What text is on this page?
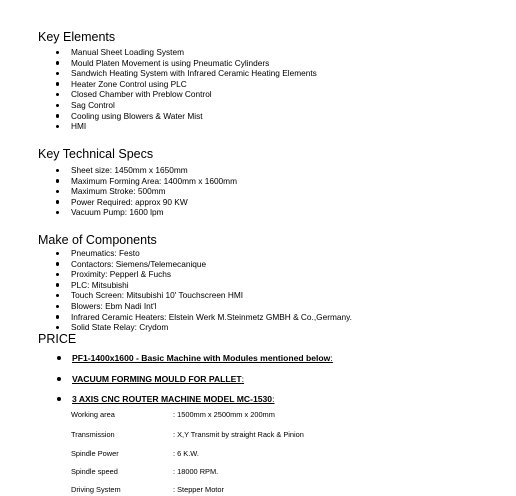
Key Elements
Manual Sheet Loading System
Mould Platen Movement is using Pneumatic Cylinders
Sandwich Heating System with Infrared Ceramic Heating Elements
Heater Zone Control using PLC
Closed Chamber with Preblow Control
Sag Control
Cooling using Blowers & Water Mist
HMI
Key Technical Specs
Sheet size: 1450mm x 1650mm
Maximum Forming Area: 1400mm x 1600mm
Maximum Stroke: 500mm
Power Required: approx 90 KW
Vacuum Pump: 1600 lpm
Make of Components
Pneumatics: Festo
Contactors: Siemens/Telemecanique
Proximity: Pepperl & Fuchs
PLC: Mitsubishi
Touch Screen: Mitsubishi 10' Touchscreen HMI
Blowers: Ebm Nadi Int'l
Infrared Ceramic Heaters: Elstein Werk M.Steinmetz GMBH & Co.,Germany.
Solid State Relay: Crydom
PRICE
PF1-1400x1600 - Basic Machine with Modules mentioned below:
VACUUM FORMING MOULD FOR PALLET:
3 AXIS CNC ROUTER MACHINE MODEL MC-1530:
Working area	: 1500mm x 2500mm x 200mm
Transmission	: X,Y Transmit by straight Rack & Pinion
Spindle Power	: 6 K.W.
Spindle speed	: 18000 RPM.
Driving System	: Stepper Motor
